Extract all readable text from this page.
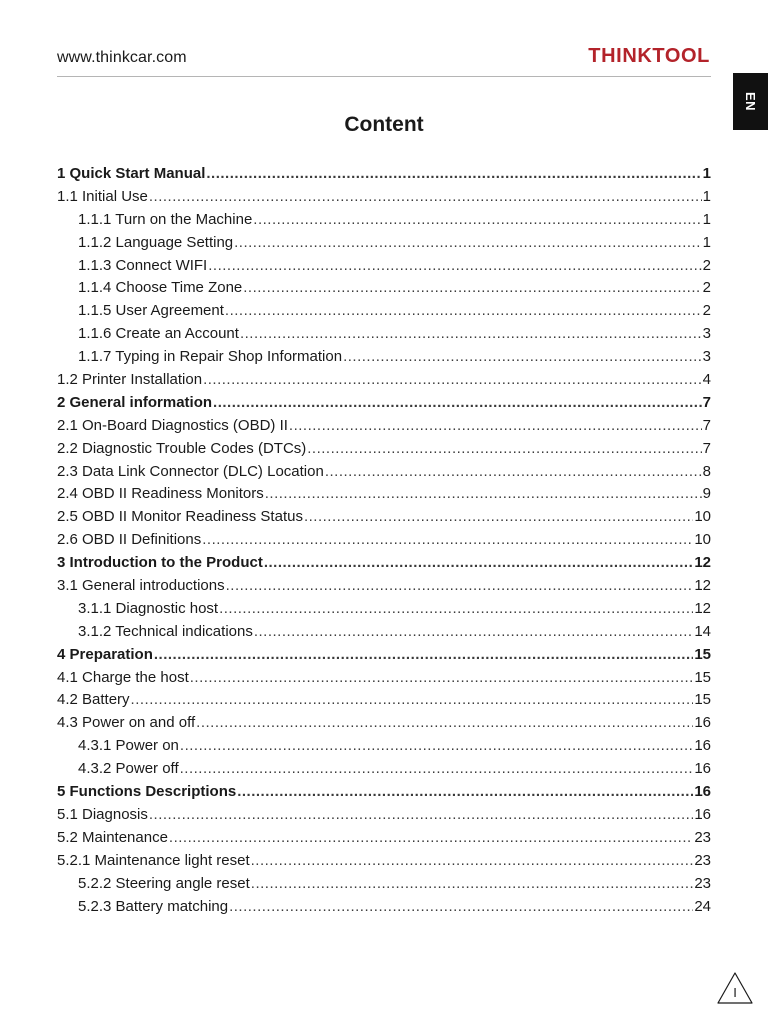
www.thinkcar.com	THINKTOOL
EN
Content
1 Quick Start Manual .....	1
1.1 Initial Use .....	1
1.1.1 Turn on the Machine .....	1
1.1.2 Language Setting .....	1
1.1.3 Connect WIFI .....	2
1.1.4 Choose Time Zone .....	2
1.1.5 User Agreement .....	2
1.1.6 Create an Account .....	3
1.1.7 Typing in Repair Shop Information .....	3
1.2 Printer Installation .....	4
2 General information .....	7
2.1 On-Board Diagnostics (OBD) II .....	7
2.2 Diagnostic Trouble Codes (DTCs) .....	7
2.3 Data Link Connector (DLC) Location .....	8
2.4 OBD II Readiness Monitors .....	9
2.5 OBD II Monitor Readiness Status .....	10
2.6 OBD II Definitions .....	10
3 Introduction to the Product .....	12
3.1 General introductions .....	12
3.1.1 Diagnostic host .....	12
3.1.2 Technical indications .....	14
4 Preparation .....	15
4.1 Charge the host .....	15
4.2 Battery .....	15
4.3 Power on and off .....	16
4.3.1 Power on .....	16
4.3.2 Power off .....	16
5 Functions Descriptions .....	16
5.1 Diagnosis .....	16
5.2 Maintenance .....	23
5.2.1 Maintenance light reset .....	23
5.2.2 Steering angle reset .....	23
5.2.3 Battery matching .....	24
I
